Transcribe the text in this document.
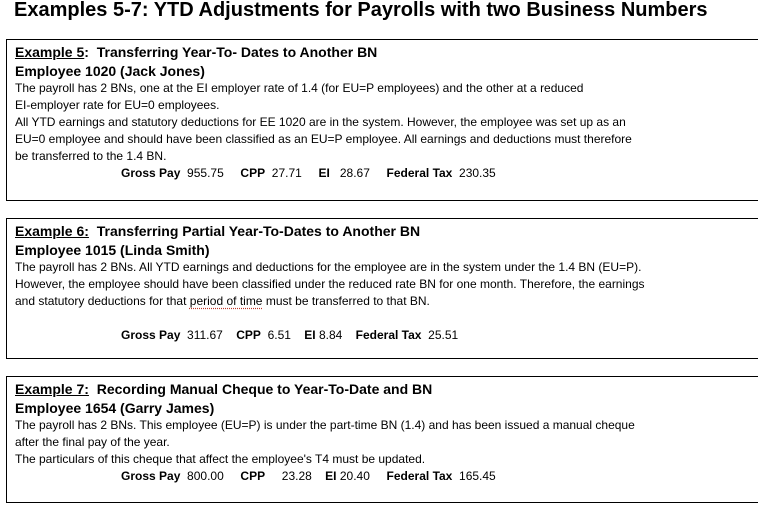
Examples 5-7: YTD Adjustments for Payrolls with two Business Numbers
Example 5: Transferring Year-To- Dates to Another BN
Employee 1020 (Jack Jones)
The payroll has 2 BNs, one at the EI employer rate of 1.4 (for EU=P employees) and the other at a reduced
EI-employer rate for EU=0 employees.
All YTD earnings and statutory deductions for EE 1020 are in the system. However, the employee was set up as an
EU=0 employee and should have been classified as an EU=P employee. All earnings and deductions must therefore
be transferred to the 1.4 BN.
Gross Pay 955.75 CPP 27.71 EI 28.67 Federal Tax 230.35
Example 6: Transferring Partial Year-To-Dates to Another BN
Employee 1015 (Linda Smith)
The payroll has 2 BNs. All YTD earnings and deductions for the employee are in the system under the 1.4 BN (EU=P).
However, the employee should have been classified under the reduced rate BN for one month. Therefore, the earnings
and statutory deductions for that period of time must be transferred to that BN.

Gross Pay 311.67 CPP 6.51 EI 8.84 Federal Tax 25.51
Example 7: Recording Manual Cheque to Year-To-Date and BN
Employee 1654 (Garry James)
The payroll has 2 BNs. This employee (EU=P) is under the part-time BN (1.4) and has been issued a manual cheque
after the final pay of the year.
The particulars of this cheque that affect the employee's T4 must be updated.
Gross Pay 800.00 CPP 23.28 EI 20.40 Federal Tax 165.45
